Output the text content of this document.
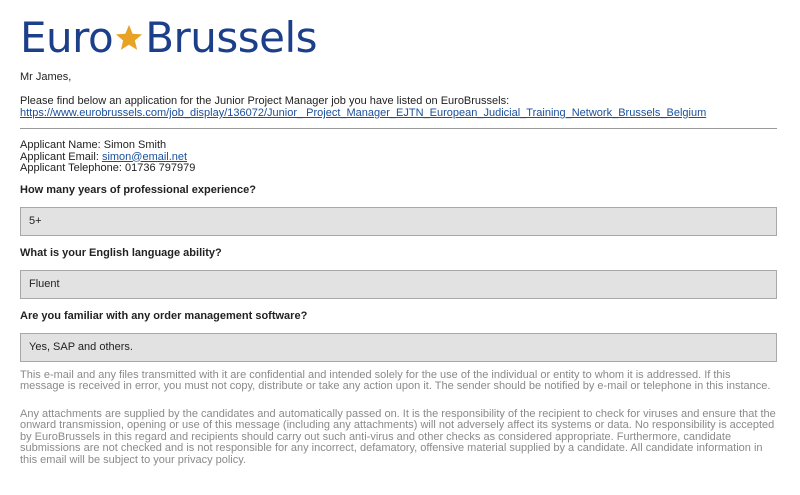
Euro Brussels
Mr James,
Please find below an application for the Junior Project Manager job you have listed on EuroBrussels: https://www.eurobrussels.com/job_display/136072/Junior_ Project_Manager_EJTN_European_Judicial_Training_Network_Brussels_Belgium
Applicant Name: Simon Smith
Applicant Email: simon@email.net
Applicant Telephone: 01736 797979
How many years of professional experience?
5+
What is your English language ability?
Fluent
Are you familiar with any order management software?
Yes, SAP and others.
This e-mail and any files transmitted with it are confidential and intended solely for the use of the individual or entity to whom it is addressed. If this message is received in error, you must not copy, distribute or take any action upon it. The sender should be notified by e-mail or telephone in this instance.
Any attachments are supplied by the candidates and automatically passed on. It is the responsibility of the recipient to check for viruses and ensure that the onward transmission, opening or use of this message (including any attachments) will not adversely affect its systems or data. No responsibility is accepted by EuroBrussels in this regard and recipients should carry out such anti-virus and other checks as considered appropriate. Furthermore, candidate submissions are not checked and is not responsible for any incorrect, defamatory, offensive material supplied by a candidate. All candidate information in this email will be subject to your privacy policy.
